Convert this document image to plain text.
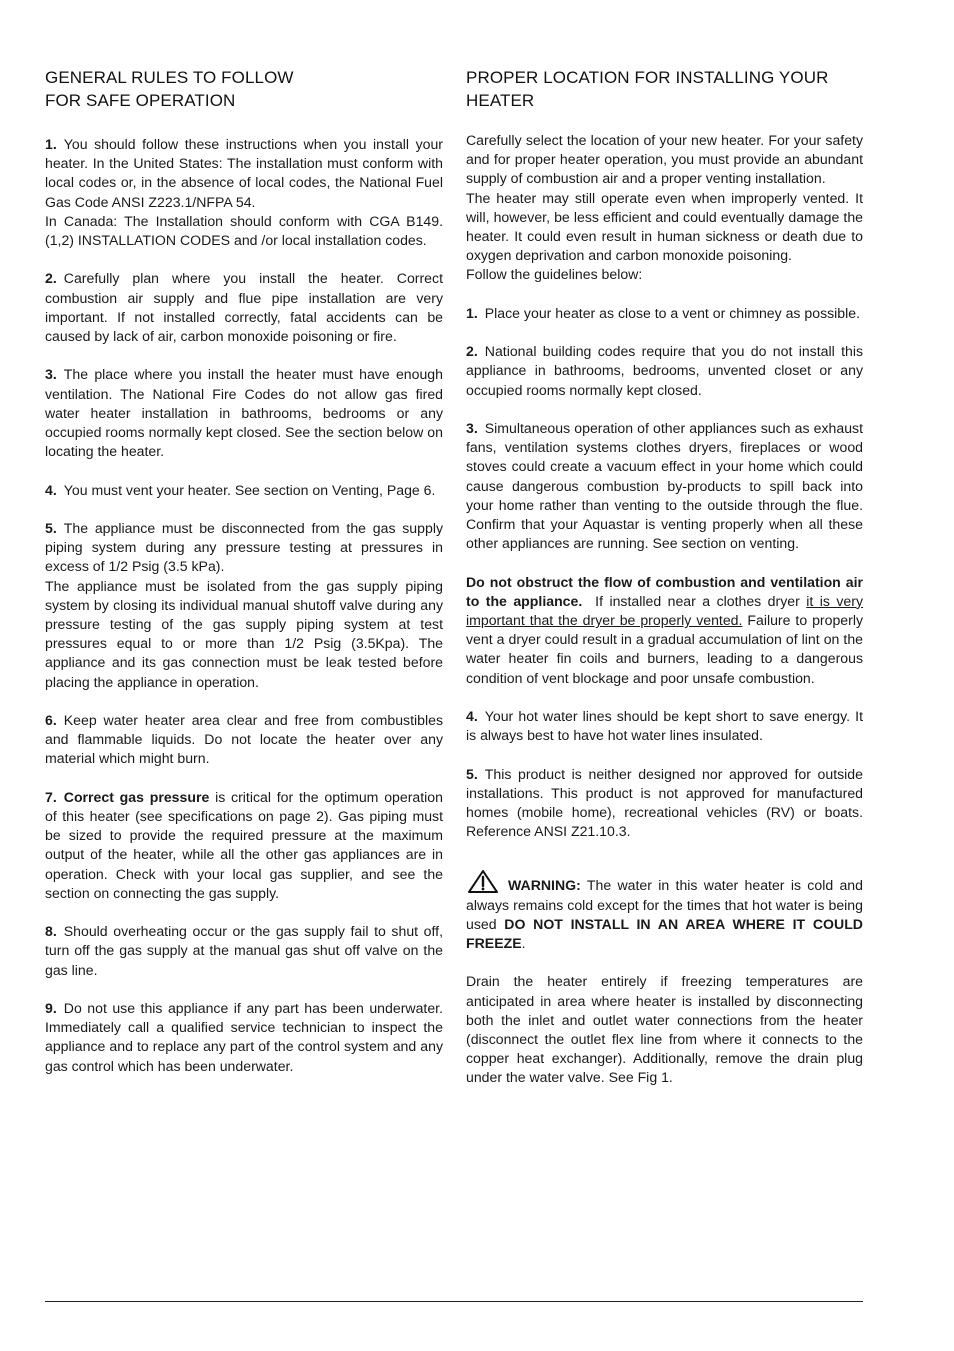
GENERAL RULES TO FOLLOW
FOR SAFE OPERATION

1. You should follow these instructions when you install your heater. In the United States: The installation must conform with local codes or, in the absence of local codes, the National Fuel Gas Code ANSI Z223.1/NFPA 54.

In Canada: The Installation should conform with CGA B149.(1,2) INSTALLATION CODES and /or local installation codes.

2. Carefully plan where you install the heater. Correct combustion air supply and flue pipe installation are very important. If not installed correctly, fatal accidents can be caused by lack of air, carbon monoxide poisoning or fire.

3. The place where you install the heater must have enough ventilation. The National Fire Codes do not allow gas fired water heater installation in bathrooms, bedrooms or any occupied rooms normally kept closed. See the section below on locating the heater.

4. You must vent your heater. See section on Venting, Page 6.

5. The appliance must be disconnected from the gas supply piping system during any pressure testing at pressures in excess of 1/2 Psig (3.5 kPa).

The appliance must be isolated from the gas supply piping system by closing its individual manual shutoff valve during any pressure testing of the gas supply piping system at test pressures equal to or more than 1/2 Psig (3.5Kpa). The appliance and its gas connection must be leak tested before placing the appliance in operation.

6. Keep water heater area clear and free from combustibles and flammable liquids. Do not locate the heater over any material which might burn.

7. Correct gas pressure is critical for the optimum operation of this heater (see specifications on page 2). Gas piping must be sized to provide the required pressure at the maximum output of the heater, while all the other gas appliances are in operation. Check with your local gas supplier, and see the section on connecting the gas supply.

8. Should overheating occur or the gas supply fail to shut off, turn off the gas supply at the manual gas shut off valve on the gas line.

9. Do not use this appliance if any part has been underwater. Immediately call a qualified service technician to inspect the appliance and to replace any part of the control system and any gas control which has been underwater.

PROPER LOCATION FOR INSTALLING YOUR
HEATER

Carefully select the location of your new heater. For your safety and for proper heater operation, you must provide an abundant supply of combustion air and a proper venting installation.

The heater may still operate even when improperly vented. It will, however, be less efficient and could eventually damage the heater. It could even result in human sickness or death due to oxygen deprivation and carbon monoxide poisoning.

Follow the guidelines below:

1. Place your heater as close to a vent or chimney as possible.

2. National building codes require that you do not install this appliance in bathrooms, bedrooms, unvented closet or any occupied rooms normally kept closed.

3. Simultaneous operation of other appliances such as exhaust fans, ventilation systems clothes dryers, fireplaces or wood stoves could create a vacuum effect in your home which could cause dangerous combustion by-products to spill back into your home rather than venting to the outside through the flue. Confirm that your Aquastar is venting properly when all these other appliances are running. See section on venting.

Do not obstruct the flow of combustion and ventilation air to the appliance.  If installed near a clothes dryer it is very important that the dryer be properly vented. Failure to properly vent a dryer could result in a gradual accumulation of lint on the water heater fin coils and burners, leading to a dangerous condition of vent blockage and poor unsafe combustion.

4. Your hot water lines should be kept short to save energy. It is always best to have hot water lines insulated.

5. This product is neither designed nor approved for outside installations. This product is not approved for manufactured homes (mobile home), recreational vehicles (RV) or boats. Reference ANSI Z21.10.3.

WARNING: The water in this water heater is cold and always remains cold except for the times that hot water is being used DO NOT INSTALL IN AN AREA WHERE IT COULD FREEZE.

Drain the heater entirely if freezing temperatures are anticipated in area where heater is installed by disconnecting both the inlet and outlet water connections from the heater (disconnect the outlet flex line from where it connects to the copper heat exchanger). Additionally, remove the drain plug under the water valve. See Fig 1.
